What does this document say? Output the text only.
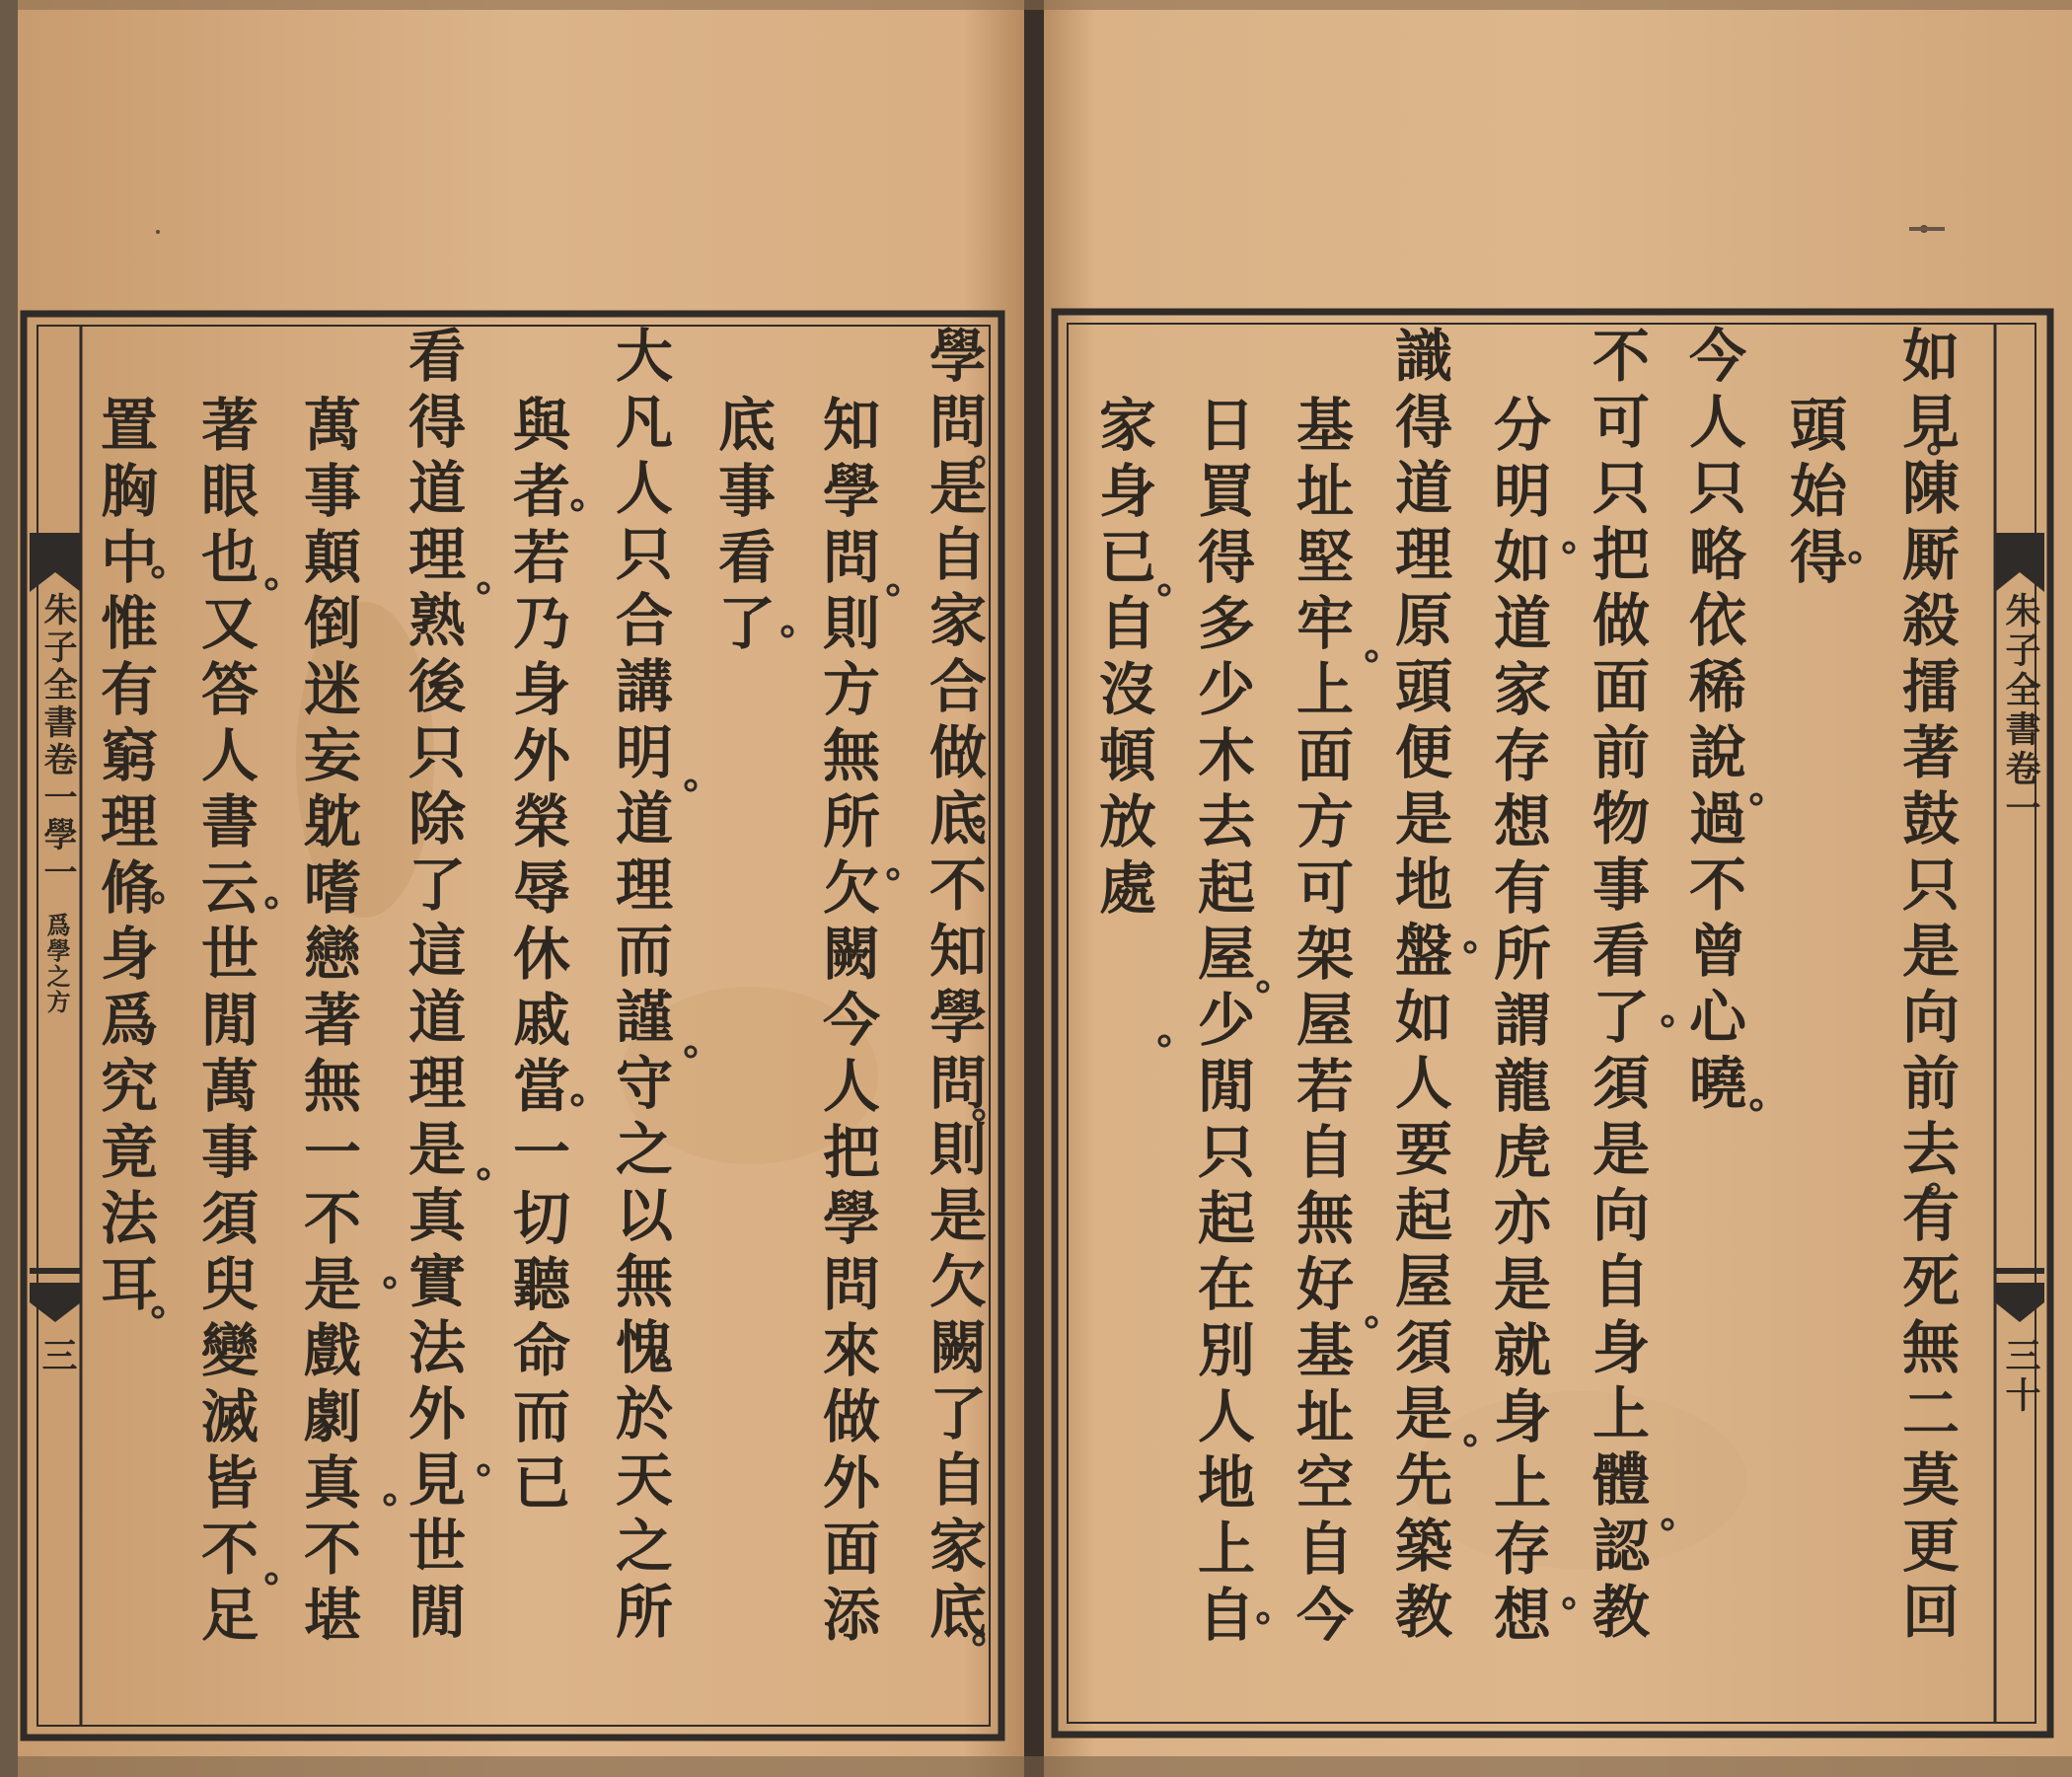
如見陳厮殺擂著鼓只是向前去有死無二莫更回
頭始得
今人只略依稀說過不曾心曉
不可只把做面前物事看了須是向自身上體認教
分明如道家存想有所謂龍虎亦是就身上存想
識得道理原頭便是地盤如人要起屋須是先築教
基址堅牢上面方可架屋若自無好基址空自今
日買得多少木去起屋少閒只起在別人地上自
家身已自沒頓放處	朱子全書卷一
三十
學問是自家合做底不知學問則是欠闕了自家底
知學問則方無所欠闕今人把學問來做外面添
底事看了
大凡人只合講明道理而謹守之以無愧於天之所
與者若乃身外榮辱休戚當一切聽命而已
看得道理熟後只除了這道理是真實法外見世閒
萬事顛倒迷妄躭嗜戀著無一不是戲劇真不堪
著眼也又答人書云世閒萬事須臾變滅皆不足
置胸中惟有窮理脩身爲究竟法耳
朱子全書卷一學一
爲學之方
三
